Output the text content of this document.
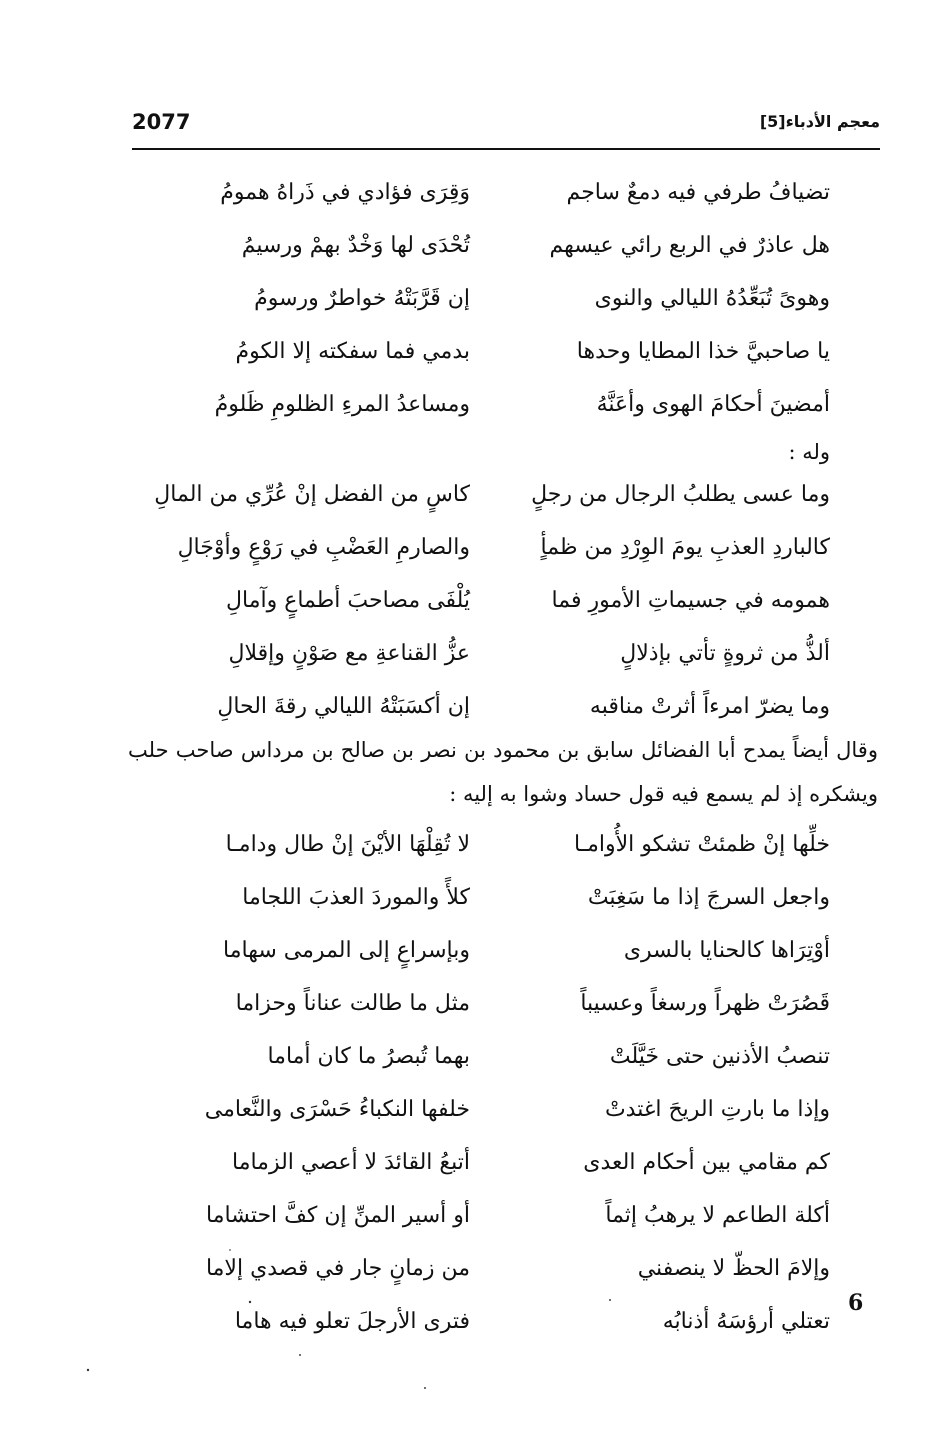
2077	معجم الأدباء[5]
تضيافُ طرفي فيه دمعٌ ساجم
وَقِرَى فؤادي في ذَراهُ همومُ
هل عاذرٌ في الربع رائي عيسهم
تُحْدَى لها وَخْدٌ بهمْ ورسيمُ
وهوىً تُبَعِّدُهُ الليالي والنوى
إن قَرَّبَتْهُ خواطرٌ ورسومُ
يا صاحبيَّ خذا المطايا وحدها
بدمي فما سفكته إلا الكومُ
أمضينَ أحكامَ الهوى وأعَنَّهُ
ومساعدُ المرءِ الظلومِ ظَلومُ
وله :
وما عسى يطلبُ الرجال من رجلٍ
كاسٍ من الفضل إنْ عُرِّي من المالِ
كالباردِ العذبِ يومَ الوِرْدِ من ظمأٍ
والصارمِ العَضْبِ في رَوْعٍ وأوْجَالِ
همومه في جسيماتِ الأمورِ فما
يُلْفَى مصاحبَ أطماعٍ وآمالِ
ألذُّ من ثروةٍ تأتي بإذلالٍ
عزُّ القناعةِ مع صَوْنٍ وإقلالِ
وما يضرّ امرءاً أثرتْ مناقبه
إن أكسَبَتْهُ الليالي رقةَ الحالِ
وقال أيضاً يمدح أبا الفضائل سابق بن محمود بن نصر بن صالح بن مرداس صاحب حلب ويشكره إذ لم يسمع فيه قول حساد وشوا به إليه :
خلِّها إنْ ظمئتْ تشكو الأُوامـا
لا تُقِلْهَا الأيْنَ إنْ طال ودامـا
واجعل السرجَ إذا ما سَغِبَتْ
كلأً والموردَ العذبَ اللجاما
أوْتِرَاها كالحنايا بالسرى
وبإسراعٍ إلى المرمى سهاما
قَصُرَتْ ظهراً ورسغاً وعسيباً
مثل ما طالت عناناً وحزاما
تنصبُ الأذنين حتى خَيَّلَتْ
بهما تُبصرُ ما كان أماما
وإذا ما بارتِ الريحَ اغتدتْ
خلفها النكباءُ حَسْرَى والنَّعامى
كم مقامي بين أحكام العدى
أتبعُ القائدَ لا أعصي الزماما
أكلة الطاعم لا يرهبُ إثماً
أو أسير المنِّ إن كفَّ احتشاما
وإلامَ الحظّ لا ينصفني
من زمانٍ جار في قصدي إلاما
تعتلي أرؤسَهُ أذنابُه
فترى الأرجلَ تعلو فيه هاما
6
